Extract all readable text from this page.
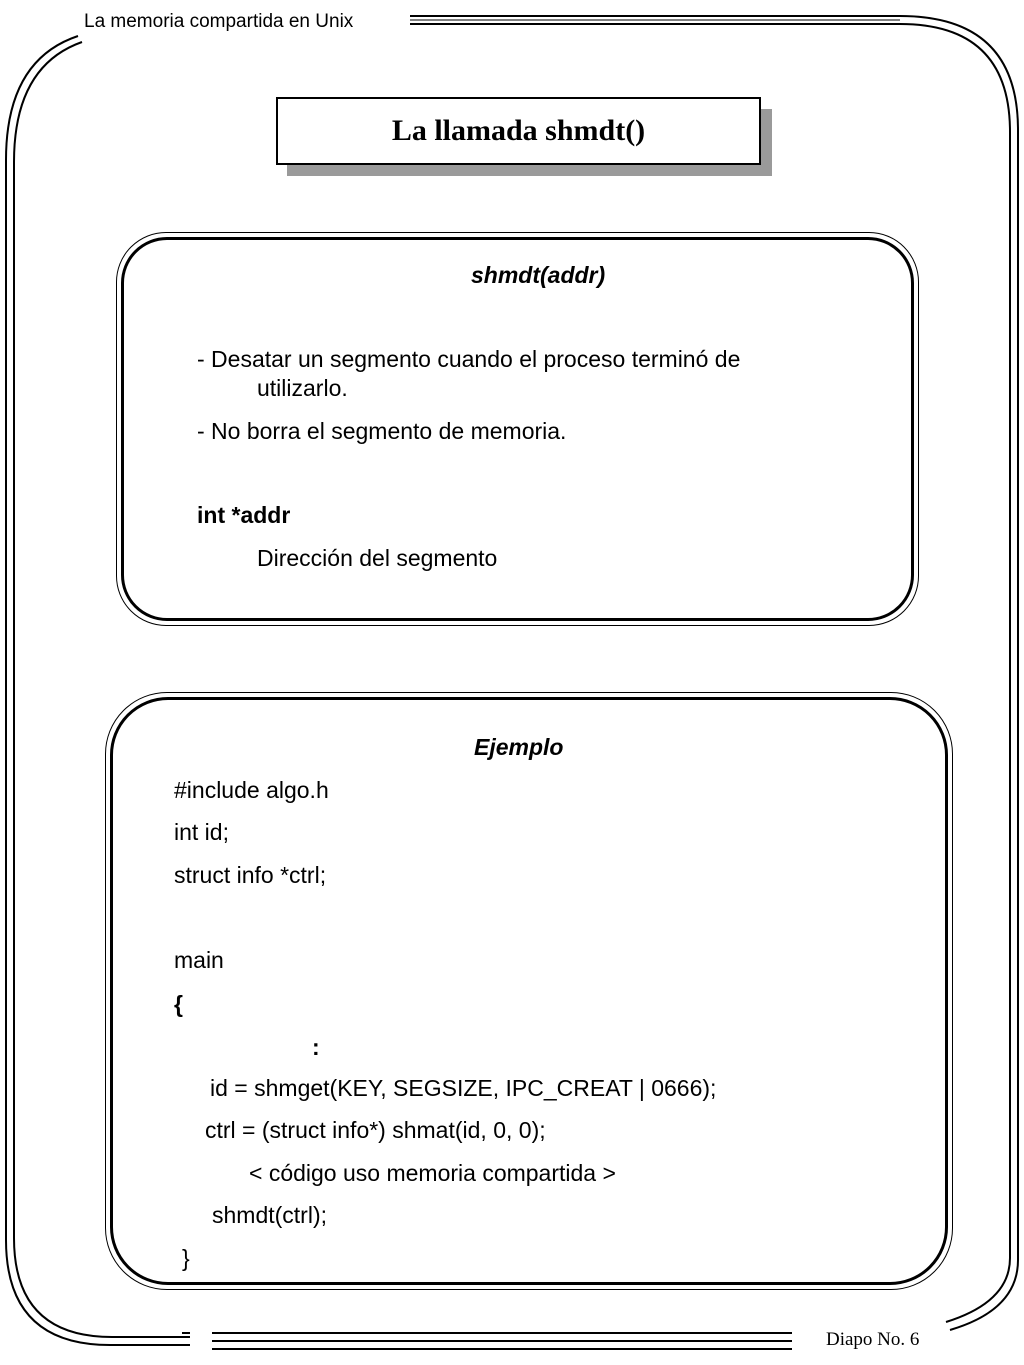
La memoria compartida en Unix
Diapo No. 6
La llamada shmdt()
shmdt(addr)
- Desatar un segmento cuando el proceso terminó de
utilizarlo.
- No borra el segmento de memoria.
int *addr
Dirección del segmento
Ejemplo
#include algo.h
int id;
struct info *ctrl;
main
{
:
id = shmget(KEY, SEGSIZE, IPC_CREAT | 0666);
ctrl = (struct info*) shmat(id, 0, 0);
< código uso memoria compartida >
shmdt(ctrl);
}
